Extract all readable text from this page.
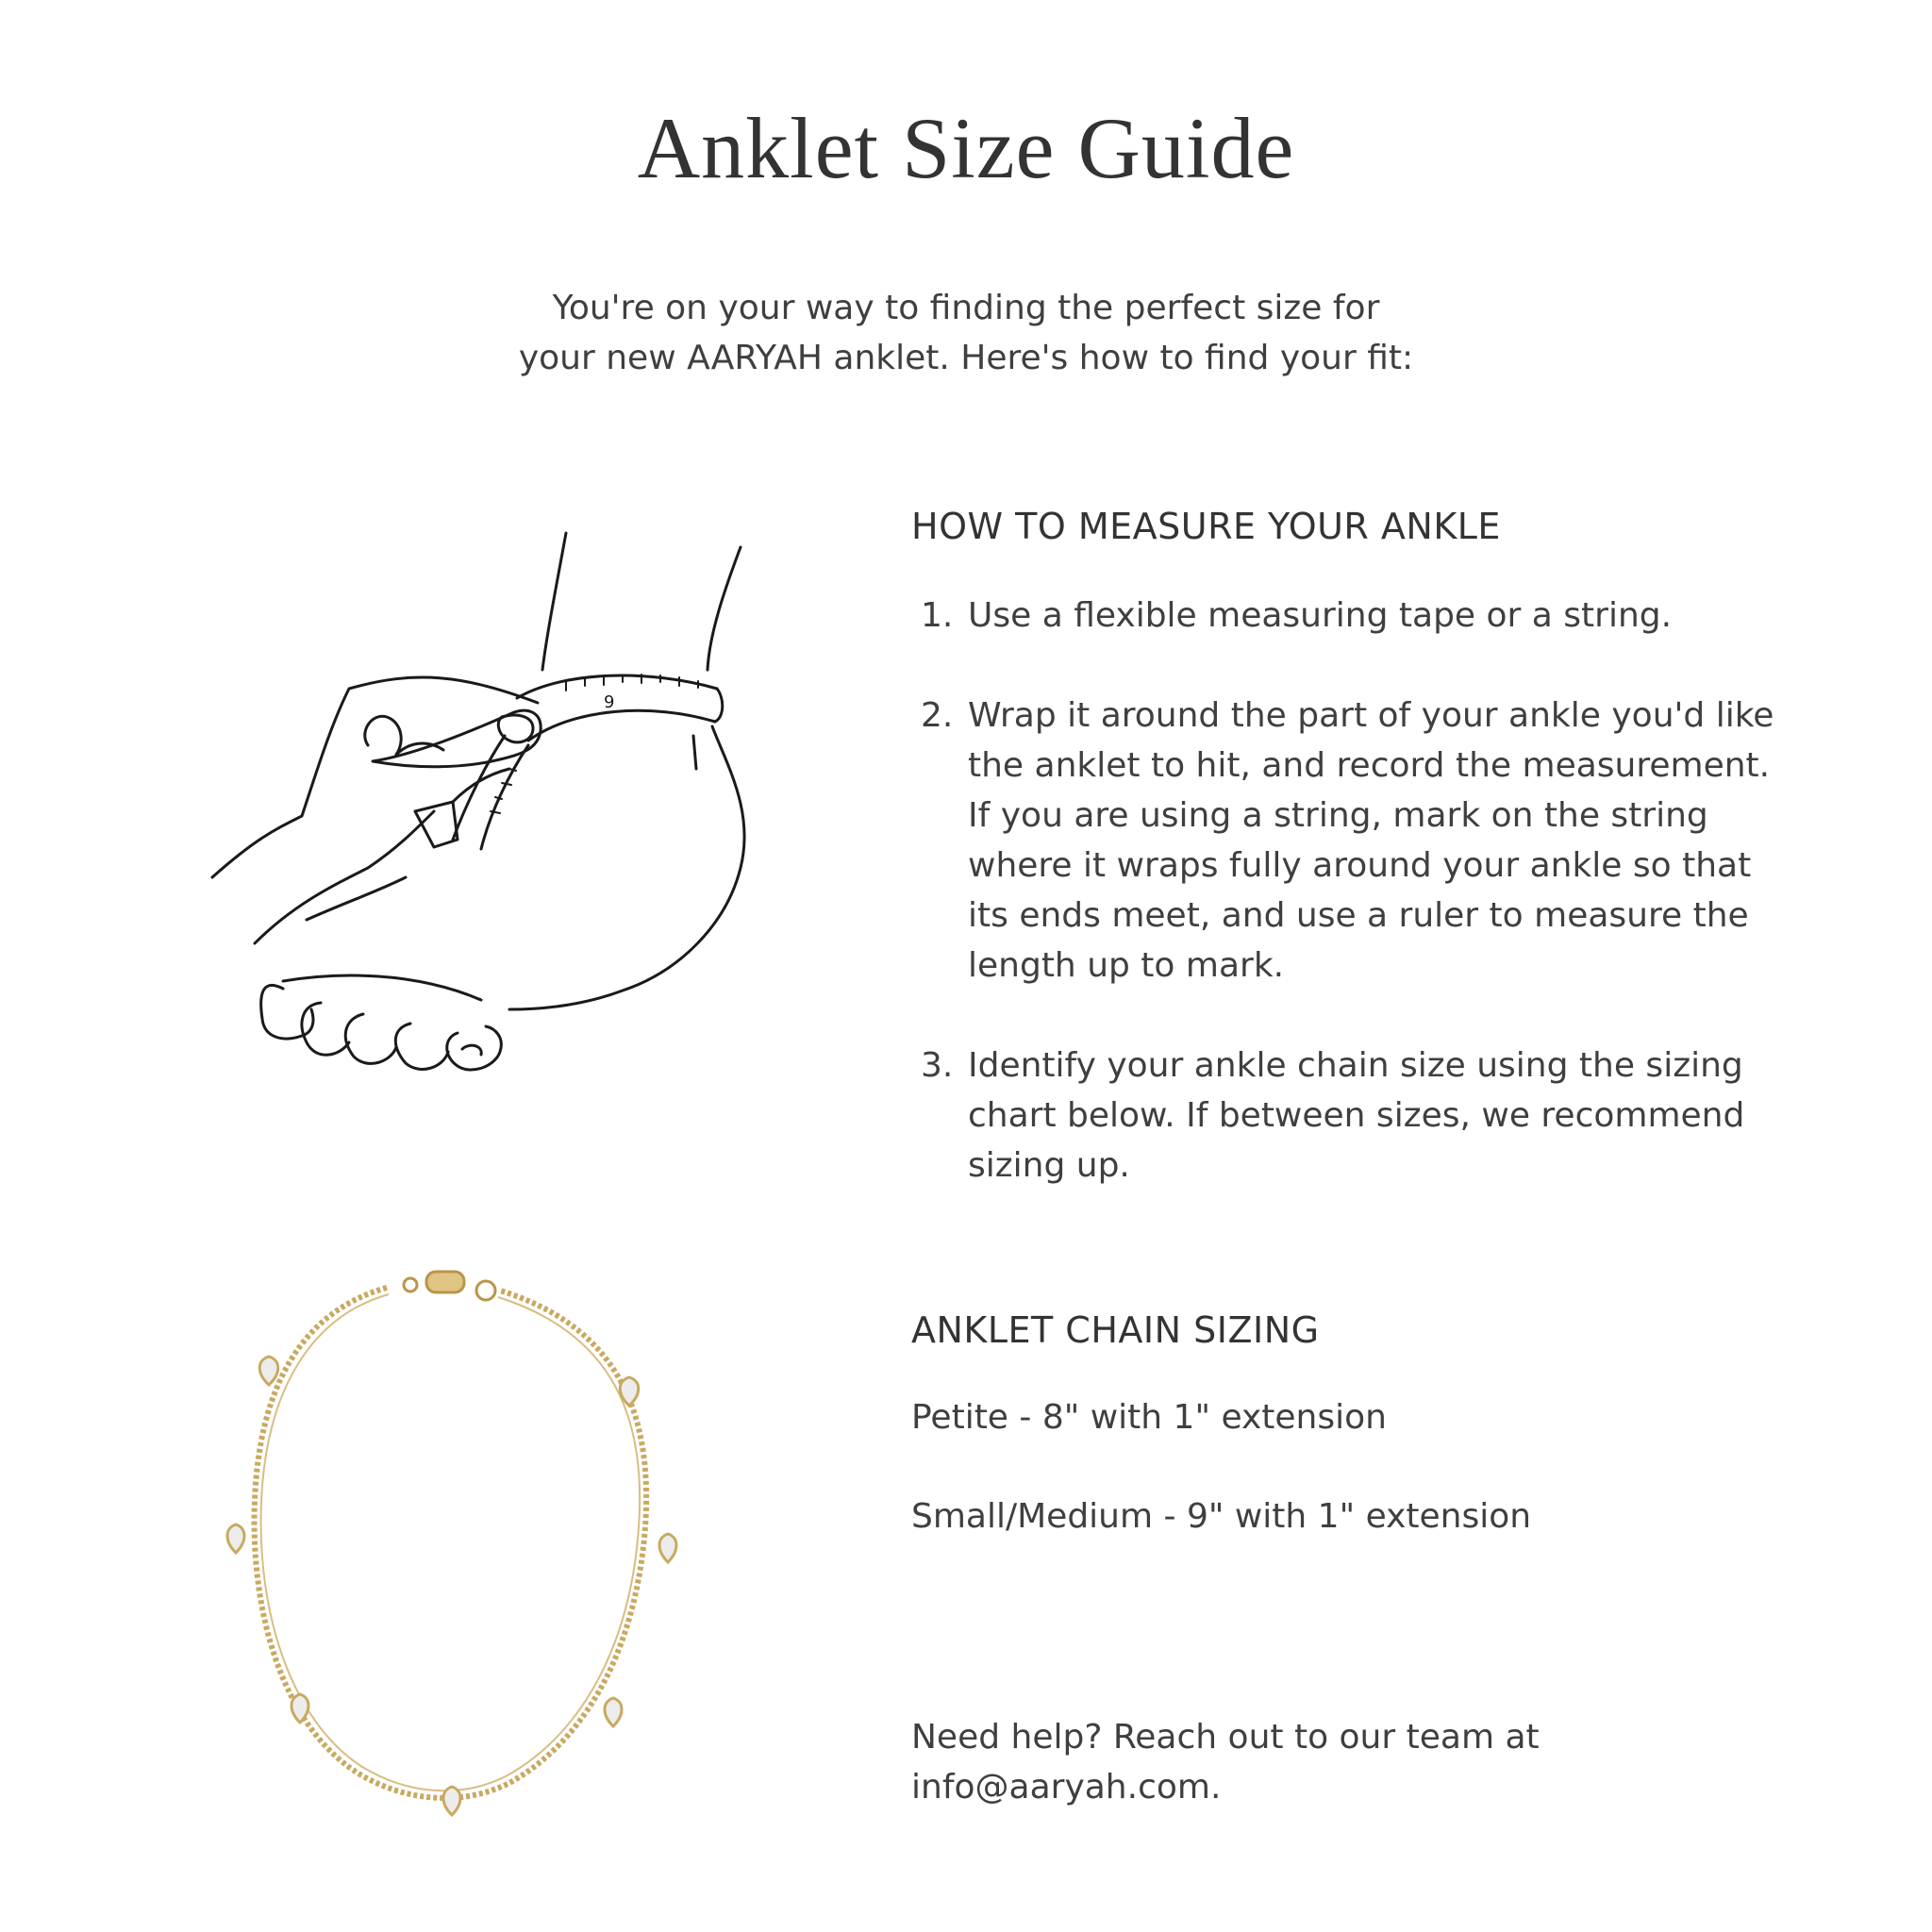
Anklet Size Guide
You're on your way to finding the perfect size for
your new AARYAH anklet. Here's how to find your fit:
9
HOW TO MEASURE YOUR ANKLE
1. Use a flexible measuring tape or a string.
2. Wrap it around the part of your ankle you'd like the anklet to hit, and record the measurement. If you are using a string, mark on the string where it wraps fully around your ankle so that its ends meet, and use a ruler to measure the length up to mark.
3. Identify your ankle chain size using the sizing chart below. If between sizes, we recommend sizing up.
ANKLET CHAIN SIZING
Petite - 8" with 1" extension
Small/Medium - 9" with 1" extension
Need help? Reach out to our team at
info@aaryah.com.
